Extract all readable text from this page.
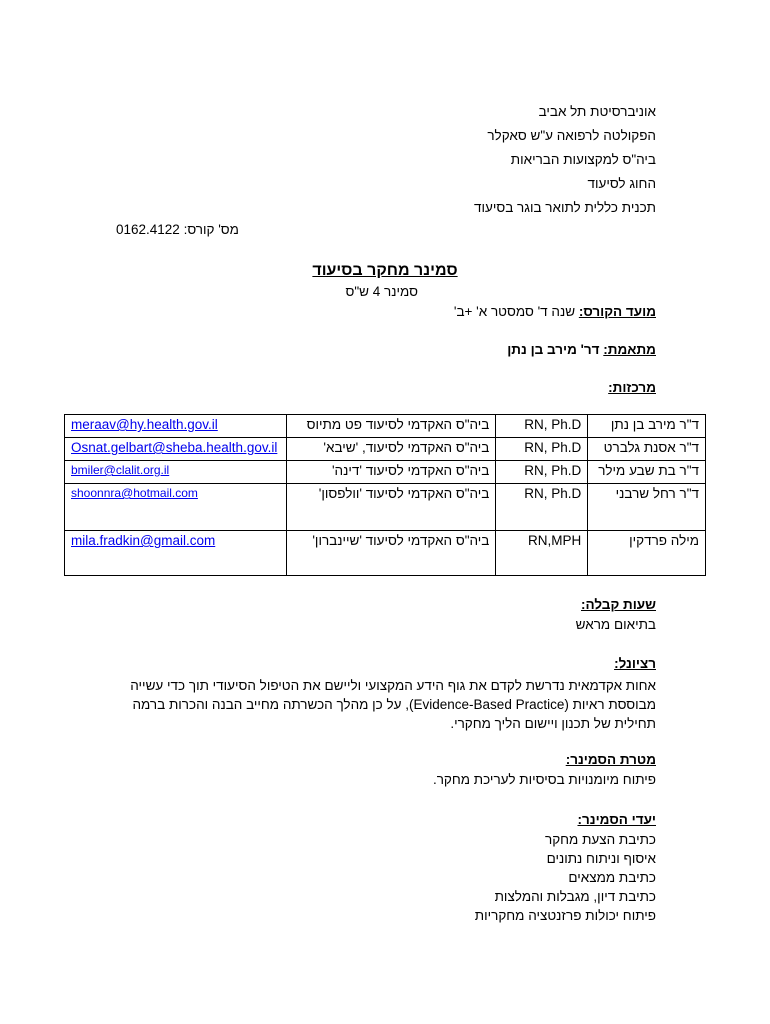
אוניברסיטת תל אביב
הפקולטה לרפואה ע"ש סאקלר
ביה"ס למקצועות הבריאות
החוג לסיעוד
תכנית כללית לתואר בוגר בסיעוד
מס' קורס: 0162.4122
סמינר מחקר בסיעוד
סמינר 4 ש"ס
מועד הקורס: שנה ד' סמסטר א' +ב'
מתאמת: דר' מירב בן נתן
מרכזות:
ד"ר מירב בן נתן	RN, Ph.D	ביה"ס האקדמי לסיעוד פט מתיוס	meraav@hy.health.gov.il
ד"ר אסנת גלברט	RN, Ph.D	ביה"ס האקדמי לסיעוד, 'שיבא'	Osnat.gelbart@sheba.health.gov.il
ד"ר בת שבע מילר	RN, Ph.D	ביה"ס האקדמי לסיעוד 'דינה'	bmiler@clalit.org.il
ד"ר רחל שרבני	RN, Ph.D	ביה"ס האקדמי לסיעוד 'וולפסון'	shoonnra@hotmail.com
מילה פרדקין	RN,MPH	ביה"ס האקדמי לסיעוד 'שיינברון'	mila.fradkin@gmail.com
שעות קבלה:
בתיאום מראש
רציונל:
אחות אקדמאית נדרשת לקדם את גוף הידע המקצועי וליישם את הטיפול הסיעודי תוך כדי עשייה מבוססת ראיות (Evidence-Based Practice), על כן מהלך הכשרתה מחייב הבנה והכרות ברמה תחילית של תכנון ויישום הליך מחקרי.
מטרת הסמינר:
פיתוח מיומנויות בסיסיות לעריכת מחקר.
יעדי הסמינר:
כתיבת הצעת מחקר
איסוף וניתוח נתונים
כתיבת ממצאים
כתיבת דיון, מגבלות והמלצות
פיתוח יכולות פרזנטציה מחקריות
